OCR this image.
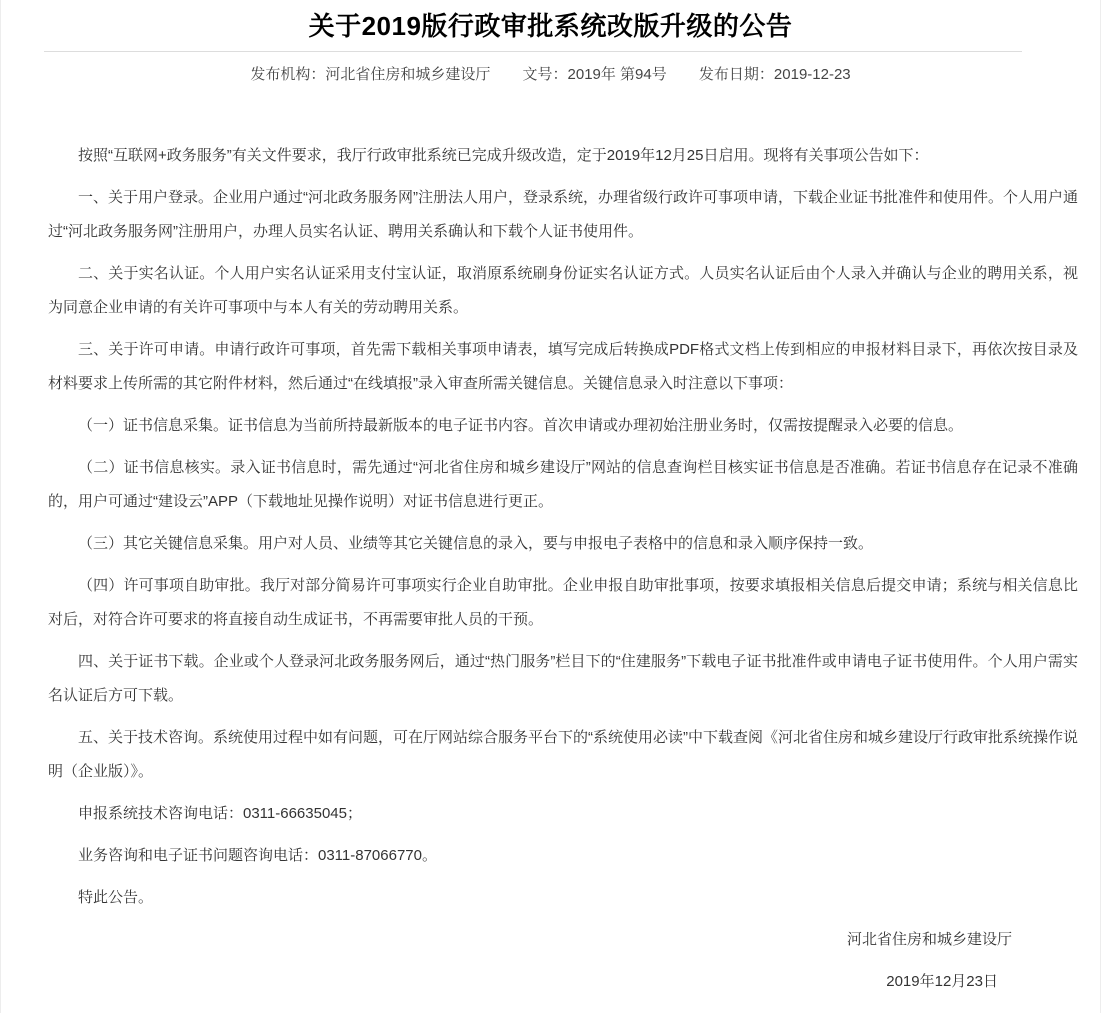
关于2019版行政审批系统改版升级的公告
发布机构：河北省住房和城乡建设厅 文号：2019年 第94号 发布日期：2019-12-23

按照“互联网+政务服务”有关文件要求，我厅行政审批系统已完成升级改造，定于2019年12月25日启用。现将有关事项公告如下：

一、关于用户登录。企业用户通过“河北政务服务网”注册法人用户，登录系统，办理省级行政许可事项申请，下载企业证书批准件和使用件。个人用户通过“河北政务服务网”注册用户，办理人员实名认证、聘用关系确认和下载个人证书使用件。

二、关于实名认证。个人用户实名认证采用支付宝认证，取消原系统刷身份证实名认证方式。人员实名认证后由个人录入并确认与企业的聘用关系，视为同意企业申请的有关许可事项中与本人有关的劳动聘用关系。

三、关于许可申请。申请行政许可事项，首先需下载相关事项申请表，填写完成后转换成PDF格式文档上传到相应的申报材料目录下，再依次按目录及材料要求上传所需的其它附件材料，然后通过“在线填报”录入审查所需关键信息。关键信息录入时注意以下事项：

（一）证书信息采集。证书信息为当前所持最新版本的电子证书内容。首次申请或办理初始注册业务时，仅需按提醒录入必要的信息。

（二）证书信息核实。录入证书信息时，需先通过“河北省住房和城乡建设厅”网站的信息查询栏目核实证书信息是否准确。若证书信息存在记录不准确的，用户可通过“建设云”APP（下载地址见操作说明）对证书信息进行更正。

（三）其它关键信息采集。用户对人员、业绩等其它关键信息的录入，要与申报电子表格中的信息和录入顺序保持一致。

（四）许可事项自助审批。我厅对部分简易许可事项实行企业自助审批。企业申报自助审批事项，按要求填报相关信息后提交申请；系统与相关信息比对后，对符合许可要求的将直接自动生成证书，不再需要审批人员的干预。

四、关于证书下载。企业或个人登录河北政务服务网后，通过“热门服务”栏目下的“住建服务”下载电子证书批准件或申请电子证书使用件。个人用户需实名认证后方可下载。

五、关于技术咨询。系统使用过程中如有问题，可在厅网站综合服务平台下的“系统使用必读”中下载查阅《河北省住房和城乡建设厅行政审批系统操作说明（企业版）》。

申报系统技术咨询电话：0311-66635045；

业务咨询和电子证书问题咨询电话：0311-87066770。

特此公告。

河北省住房和城乡建设厅
2019年12月23日
